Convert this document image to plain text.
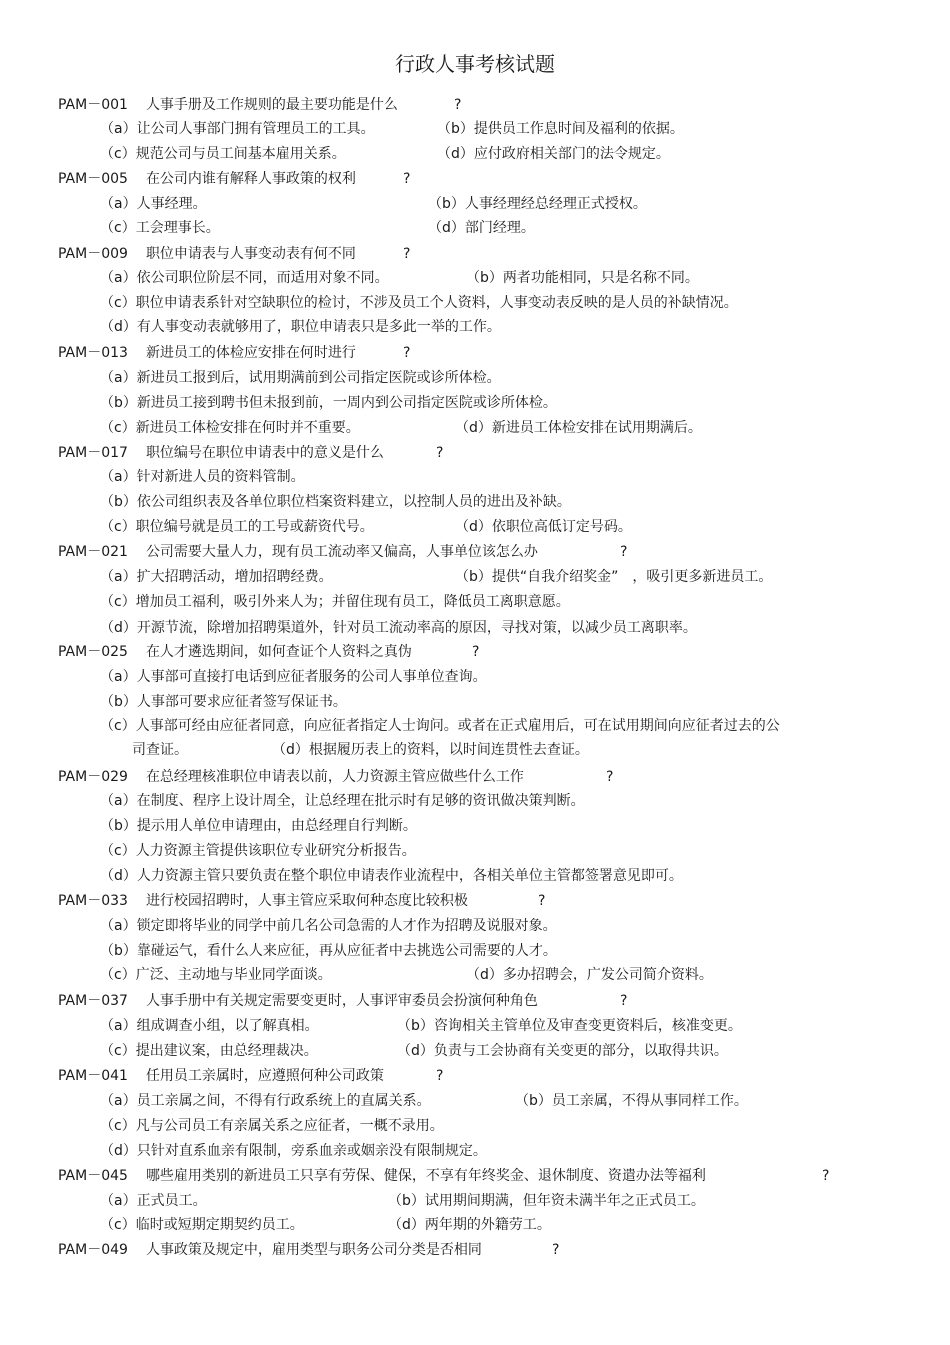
行政人事考核试题
PAM－001 人事手册及工作规则的最主要功能是什么	?
（a）让公司人事部门拥有管理员工的工具。	（b）提供员工作息时间及福利的依据。
（c）规范公司与员工间基本雇用关系。	（d）应付政府相关部门的法令规定。
PAM－005 在公司内谁有解释人事政策的权利	?
（a）人事经理。	（b）人事经理经总经理正式授权。
（c）工会理事长。	（d）部门经理。
PAM－009 职位申请表与人事变动表有何不同	?
（a）依公司职位阶层不同，而适用对象不同。	（b）两者功能相同，只是名称不同。
（c）职位申请表系针对空缺职位的检讨，不涉及员工个人资料，人事变动表反映的是人员的补缺情况。
（d）有人事变动表就够用了，职位申请表只是多此一举的工作。
PAM－013 新进员工的体检应安排在何时进行	?
（a）新进员工报到后，试用期满前到公司指定医院或诊所体检。
（b）新进员工接到聘书但未报到前，一周内到公司指定医院或诊所体检。
（c）新进员工体检安排在何时并不重要。	（d）新进员工体检安排在试用期满后。
PAM－017 职位编号在职位申请表中的意义是什么	?
（a）针对新进人员的资料管制。
（b）依公司组织表及各单位职位档案资料建立，以控制人员的进出及补缺。
（c）职位编号就是员工的工号或薪资代号。	（d）依职位高低订定号码。
PAM－021 公司需要大量人力，现有员工流动率又偏高，人事单位该怎么办	?
（a）扩大招聘活动，增加招聘经费。	（b）提供“自我介绍奖金”　，吸引更多新进员工。
（c）增加员工福利，吸引外来人为；并留住现有员工，降低员工离职意愿。
（d）开源节流，除增加招聘渠道外，针对员工流动率高的原因，寻找对策，以减少员工离职率。
PAM－025 在人才遴选期间，如何查证个人资料之真伪	?
（a）人事部可直接打电话到应征者服务的公司人事单位查询。
（b）人事部可要求应征者签写保证书。
（c）人事部可经由应征者同意，向应征者指定人士询问。或者在正式雇用后，可在试用期间向应征者过去的公
司查证。	（d）根据履历表上的资料，以时间连贯性去查证。
PAM－029 在总经理核准职位申请表以前，人力资源主管应做些什么工作	?
（a）在制度、程序上设计周全，让总经理在批示时有足够的资讯做决策判断。
（b）提示用人单位申请理由，由总经理自行判断。
（c）人力资源主管提供该职位专业研究分析报告。
（d）人力资源主管只要负责在整个职位申请表作业流程中，各相关单位主管都签署意见即可。
PAM－033 进行校园招聘时，人事主管应采取何种态度比较积极	?
（a）锁定即将毕业的同学中前几名公司急需的人才作为招聘及说服对象。
（b）靠碰运气，看什么人来应征，再从应征者中去挑选公司需要的人才。
（c）广泛、主动地与毕业同学面谈。	（d）多办招聘会，广发公司简介资料。
PAM－037 人事手册中有关规定需要变更时，人事评审委员会扮演何种角色	?
（a）组成调查小组，以了解真相。	（b）咨询相关主管单位及审查变更资料后，核准变更。
（c）提出建议案，由总经理裁决。	（d）负责与工会协商有关变更的部分，以取得共识。
PAM－041 任用员工亲属时，应遵照何种公司政策	?
（a）员工亲属之间，不得有行政系统上的直属关系。	（b）员工亲属，不得从事同样工作。
（c）凡与公司员工有亲属关系之应征者，一概不录用。
（d）只针对直系血亲有限制，旁系血亲或姻亲没有限制规定。
PAM－045 哪些雇用类别的新进员工只享有劳保、健保，不享有年终奖金、退休制度、资遣办法等福利	?
（a）正式员工。	（b）试用期间期满，但年资未满半年之正式员工。
（c）临时或短期定期契约员工。	（d）两年期的外籍劳工。
PAM－049 人事政策及规定中，雇用类型与职务公司分类是否相同	?
